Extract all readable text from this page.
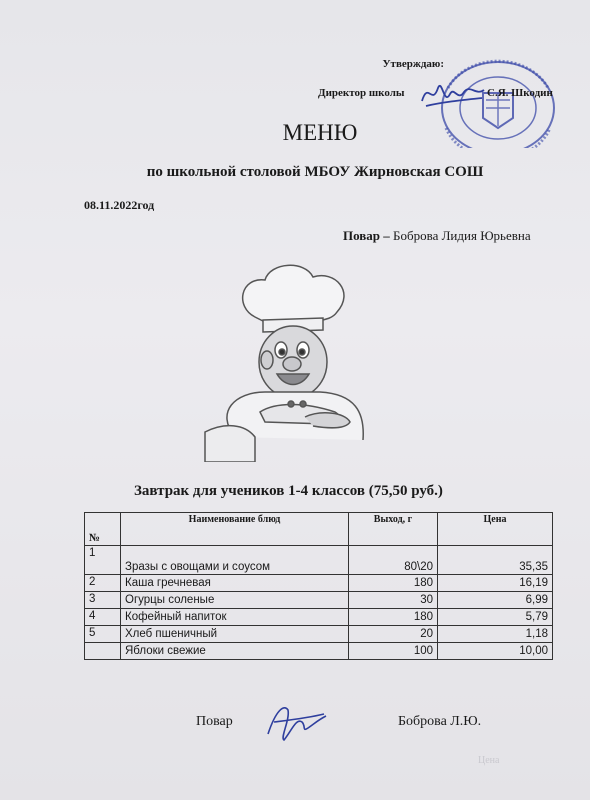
Утверждаю:
Директор школы	С.Я. Шкодин
МЕНЮ
по школьной столовой МБОУ Жирновская СОШ
08.11.2022год
Повар – Боброва Лидия Юрьевна
Завтрак для учеников 1-4 классов (75,50 руб.)
№	Наименование блюд	Выход, г	Цена
1	Зразы с овощами и соусом	80\20	35,35
2	Каша гречневая	180	16,19
3	Огурцы соленые	30	6,99
4	Кофейный напиток	180	5,79
5	Хлеб пшеничный	20	1,18
	Яблоки свежие	100	10,00
Повар	Боброва Л.Ю.
Цена
